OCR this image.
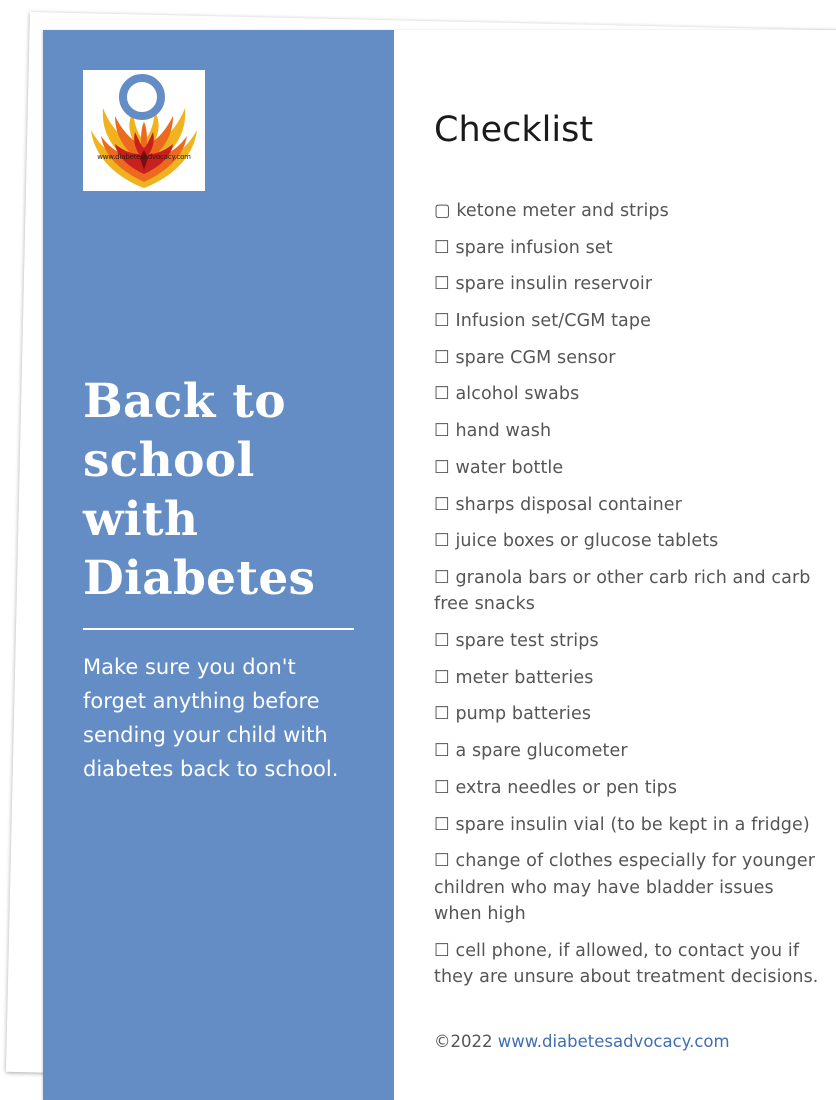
www.diabetesadvocacy.com
Back to
school
with
Diabetes

Make sure you don't forget anything before sending your child with diabetes back to school.

Checklist
▢ ketone meter and strips
☐ spare infusion set
☐ spare insulin reservoir
☐ Infusion set/CGM tape
☐ spare CGM sensor
☐ alcohol swabs
☐ hand wash
☐ water bottle
☐ sharps disposal container
☐ juice boxes or glucose tablets
☐ granola bars or other carb rich and carb free snacks
☐ spare test strips
☐ meter batteries
☐ pump batteries
☐ a spare glucometer
☐ extra needles or pen tips
☐ spare insulin vial (to be kept in a fridge)
☐ change of clothes especially for younger children who may have bladder issues when high
☐ cell phone, if allowed, to contact you if they are unsure about treatment decisions.
©2022 www.diabetesadvocacy.com
